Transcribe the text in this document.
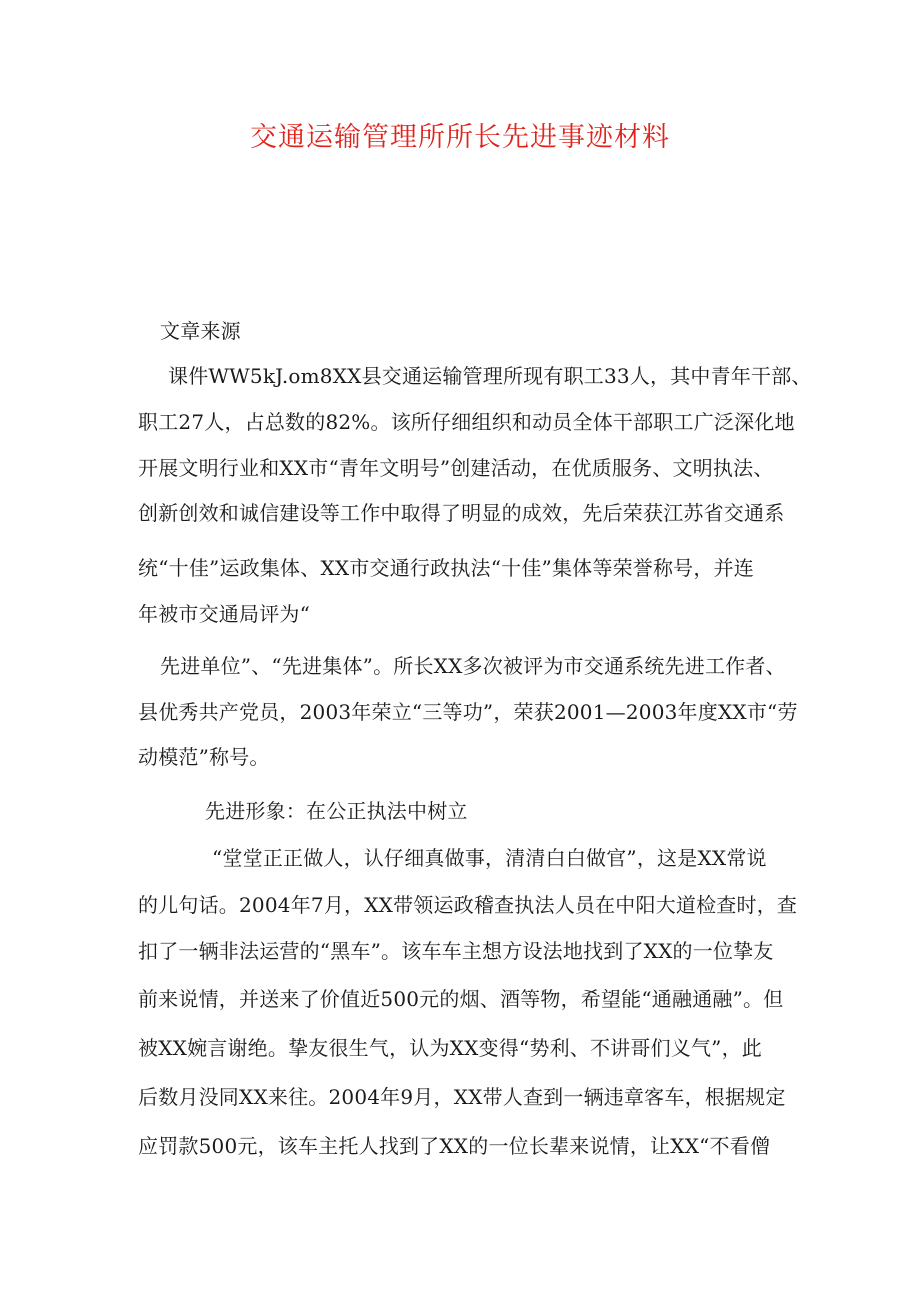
交通运输管理所所长先进事迹材料
文章来源
课件WW5kJ.om8XX县交通运输管理所现有职工33人，其中青年干部、
职工27人，占总数的82%。该所仔细组织和动员全体干部职工广泛深化地
开展文明行业和XX市“青年文明号”创建活动，在优质服务、文明执法、
创新创效和诚信建设等工作中取得了明显的成效，先后荣获江苏省交通系
统“十佳”运政集体、XX市交通行政执法“十佳”集体等荣誉称号，并连
年被市交通局评为“
先进单位”、“先进集体”。所长XX多次被评为市交通系统先进工作者、
县优秀共产党员，2003年荣立“三等功”，荣获2001—2003年度XX市“劳
动模范”称号。
先进形象：在公正执法中树立
“堂堂正正做人，认仔细真做事，清清白白做官”，这是XX常说
的儿句话。2004年7月，XX带领运政稽查执法人员在中阳大道检查时，查
扣了一辆非法运营的“黑车”。该车车主想方设法地找到了XX的一位挚友
前来说情，并送来了价值近500元的烟、酒等物，希望能“通融通融”。但
被XX婉言谢绝。挚友很生气，认为XX变得“势利、不讲哥们义气”，此
后数月没同XX来往。2004年9月，XX带人查到一辆违章客车，根据规定
应罚款500元，该车主托人找到了XX的一位长辈来说情，让XX“不看僧
